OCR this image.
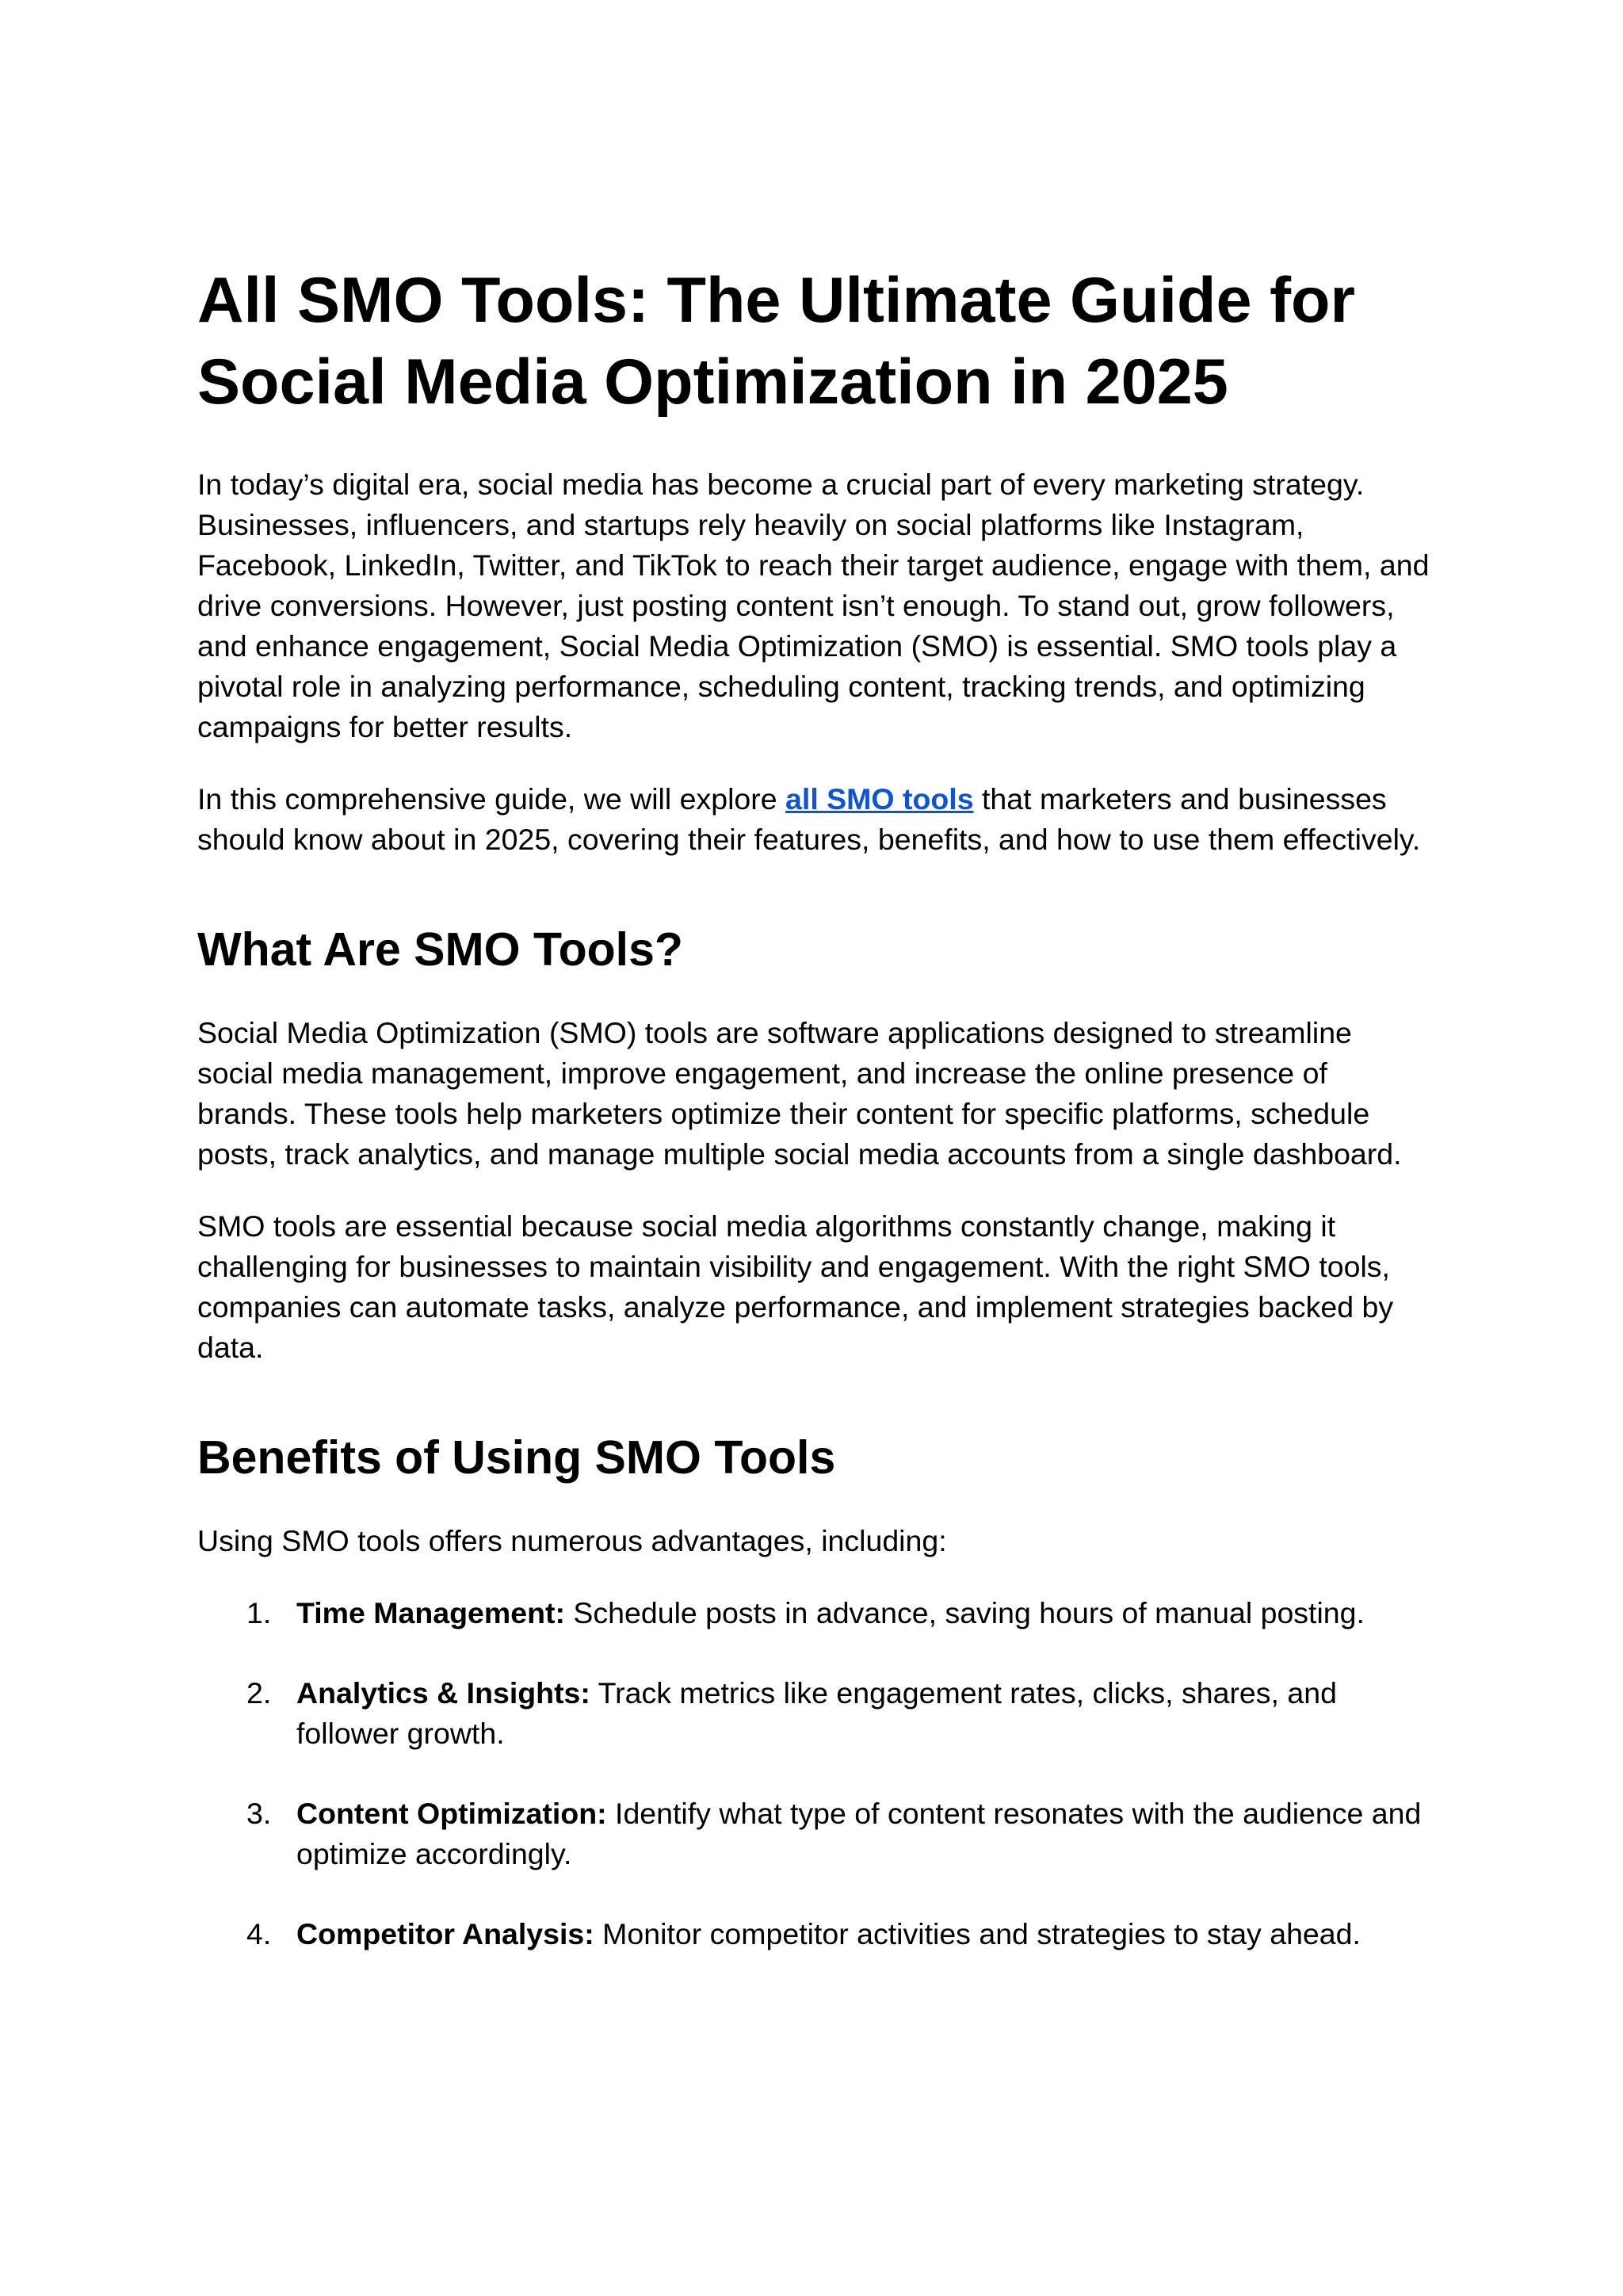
All SMO Tools: The Ultimate Guide for Social Media Optimization in 2025

In today’s digital era, social media has become a crucial part of every marketing strategy. Businesses, influencers, and startups rely heavily on social platforms like Instagram, Facebook, LinkedIn, Twitter, and TikTok to reach their target audience, engage with them, and drive conversions. However, just posting content isn’t enough. To stand out, grow followers, and enhance engagement, Social Media Optimization (SMO) is essential. SMO tools play a pivotal role in analyzing performance, scheduling content, tracking trends, and optimizing campaigns for better results.

In this comprehensive guide, we will explore all SMO tools that marketers and businesses should know about in 2025, covering their features, benefits, and how to use them effectively.

What Are SMO Tools?

Social Media Optimization (SMO) tools are software applications designed to streamline social media management, improve engagement, and increase the online presence of brands. These tools help marketers optimize their content for specific platforms, schedule posts, track analytics, and manage multiple social media accounts from a single dashboard.

SMO tools are essential because social media algorithms constantly change, making it challenging for businesses to maintain visibility and engagement. With the right SMO tools, companies can automate tasks, analyze performance, and implement strategies backed by data.

Benefits of Using SMO Tools

Using SMO tools offers numerous advantages, including:

1. Time Management: Schedule posts in advance, saving hours of manual posting.
2. Analytics & Insights: Track metrics like engagement rates, clicks, shares, and follower growth.
3. Content Optimization: Identify what type of content resonates with the audience and optimize accordingly.
4. Competitor Analysis: Monitor competitor activities and strategies to stay ahead.
